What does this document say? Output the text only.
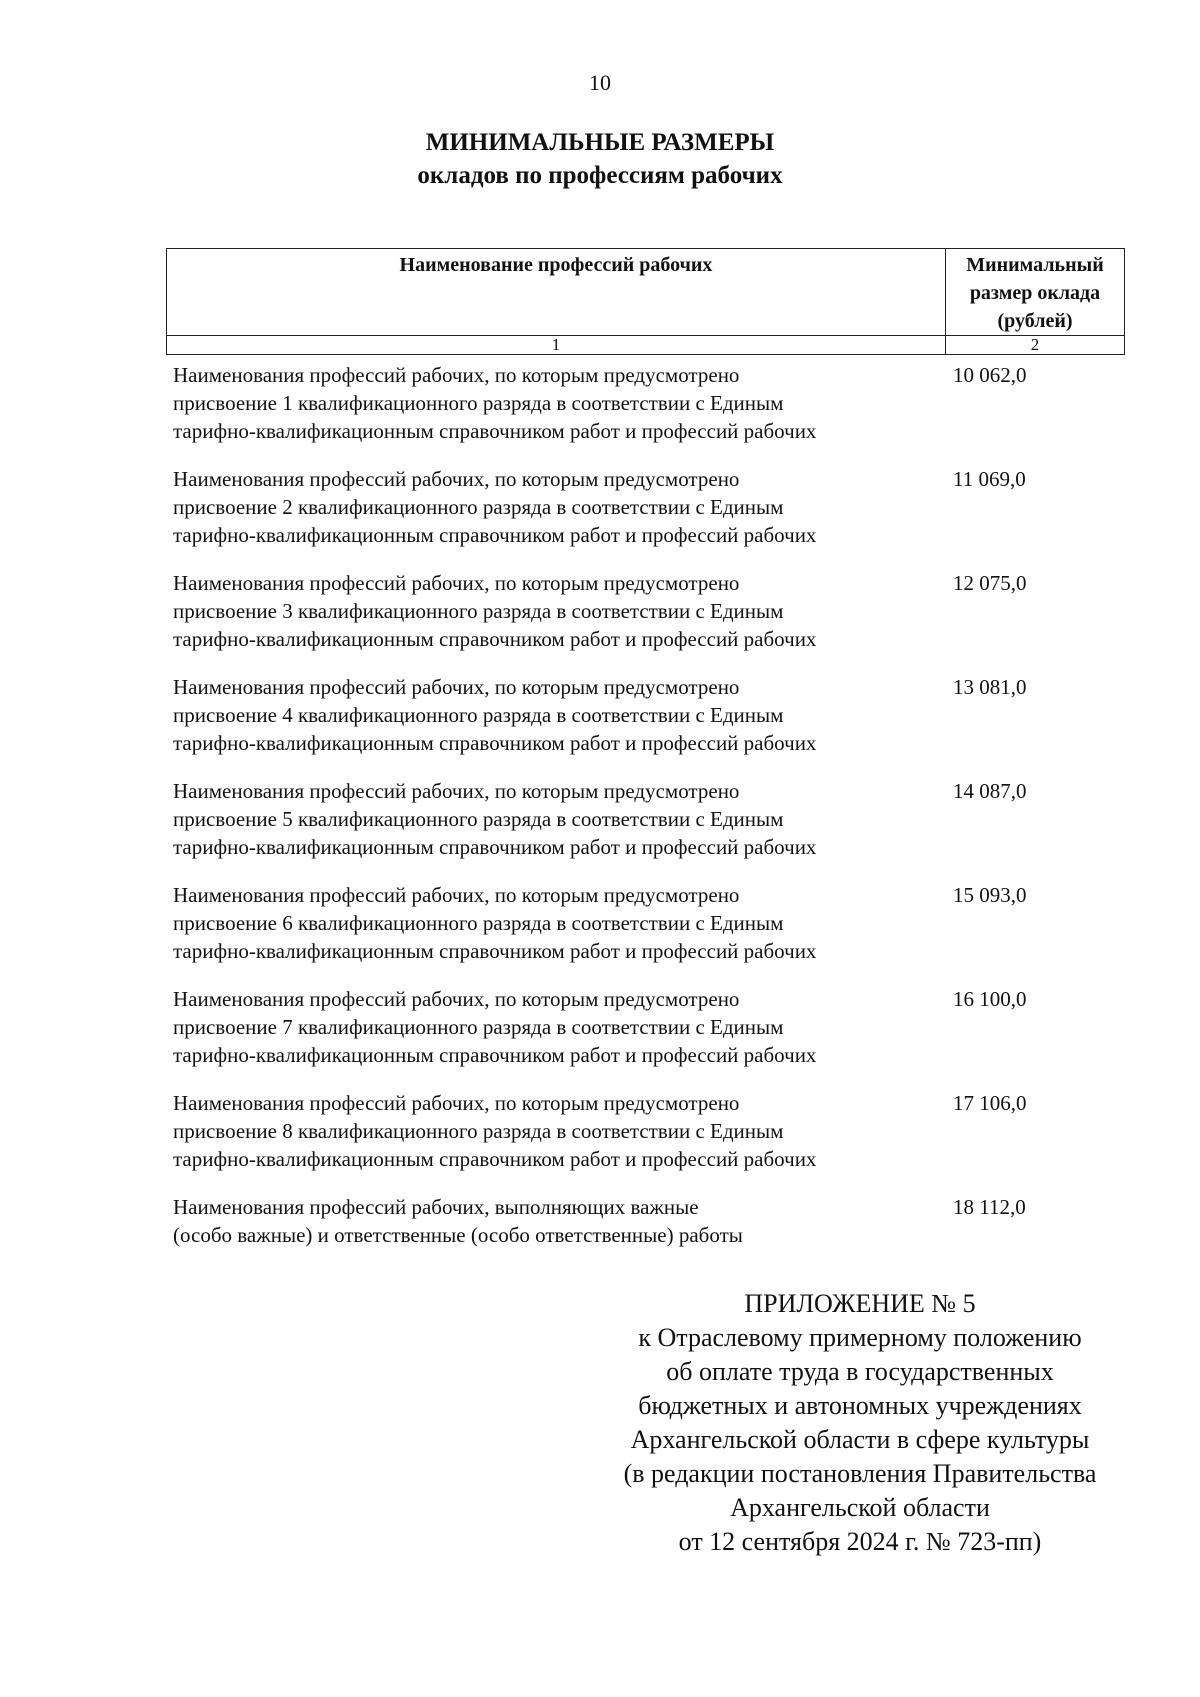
10
МИНИМАЛЬНЫЕ РАЗМЕРЫ
окладов по профессиям рабочих
Наименование профессий рабочих	Минимальный
размер оклада
(рублей)

1	2
Наименования профессий рабочих, по которым предусмотрено
присвоение 1 квалификационного разряда в соответствии с Единым
тарифно-квалификационным справочником работ и профессий рабочих
10 062,0
Наименования профессий рабочих, по которым предусмотрено
присвоение 2 квалификационного разряда в соответствии с Единым
тарифно-квалификационным справочником работ и профессий рабочих
11 069,0
Наименования профессий рабочих, по которым предусмотрено
присвоение 3 квалификационного разряда в соответствии с Единым
тарифно-квалификационным справочником работ и профессий рабочих
12 075,0
Наименования профессий рабочих, по которым предусмотрено
присвоение 4 квалификационного разряда в соответствии с Единым
тарифно-квалификационным справочником работ и профессий рабочих
13 081,0
Наименования профессий рабочих, по которым предусмотрено
присвоение 5 квалификационного разряда в соответствии с Единым
тарифно-квалификационным справочником работ и профессий рабочих
14 087,0
Наименования профессий рабочих, по которым предусмотрено
присвоение 6 квалификационного разряда в соответствии с Единым
тарифно-квалификационным справочником работ и профессий рабочих
15 093,0
Наименования профессий рабочих, по которым предусмотрено
присвоение 7 квалификационного разряда в соответствии с Единым
тарифно-квалификационным справочником работ и профессий рабочих
16 100,0
Наименования профессий рабочих, по которым предусмотрено
присвоение 8 квалификационного разряда в соответствии с Единым
тарифно-квалификационным справочником работ и профессий рабочих
17 106,0
Наименования профессий рабочих, выполняющих важные
(особо важные) и ответственные (особо ответственные) работы
18 112,0
ПРИЛОЖЕНИЕ № 5
к Отраслевому примерному положению
об оплате труда в государственных
бюджетных и автономных учреждениях
Архангельской области в сфере культуры
(в редакции постановления Правительства
Архангельской области
от 12 сентября 2024 г. № 723-пп)
